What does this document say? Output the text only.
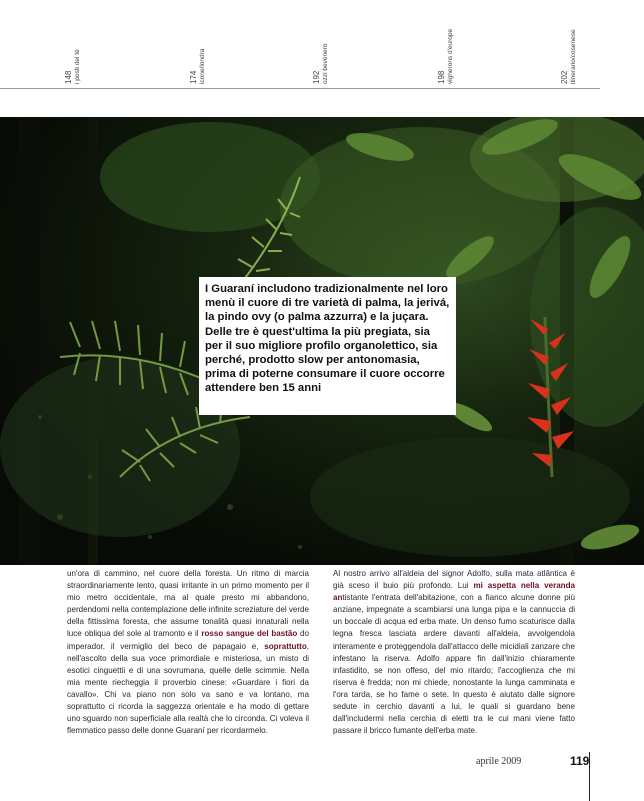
148 i posti del tè	174 icone/londra	192 ozzi bevenero	198 vignerons d'europe	202 itinerario/cosenese
I Guaraní includono tradizionalmente nel loro menù il cuore di tre varietà di palma, la jerivá, la pindo ovy (o palma azzurra) e la juçara. Delle tre è quest'ultima la più pregiata, sia per il suo migliore profilo organolettico, sia perché, prodotto slow per antonomasia, prima di poterne consumare il cuore occorre attendere ben 15 anni
un'ora di cammino, nel cuore della foresta. Un ritmo di marcia straordinariamente lento, quasi irritante in un primo momento per il mio metro occidentale, ma al quale presto mi abbandono, perdendomi nella contemplazione delle infinite screziature del verde della fittissima foresta, che assume tonalità quasi innaturali nella luce obliqua del sole al tramonto e il rosso sangue del bastão do imperador, il vermiglio del beco de papagaio e, soprattutto, nell'ascolto della sua voce primordiale e misteriosa, un misto di esotici cinguettii e di una sovrumana, quelle delle scimmie. Nella mia mente riecheggia il proverbio cinese: «Guardare i fiori da cavallo». Chi va piano non solo va sano e va lontano, ma soprattutto ci ricorda la saggezza orientale e ha modo di gettare uno sguardo non superficiale alla realtà che lo circonda. Ci voleva il flemmatico passo delle donne Guaraní per ricordarmelo.
Al nostro arrivo all'aldeia del signor Adolfo, sulla mata atlântica è già sceso il buio più profondo. Lui mi aspetta nella veranda antistante l'entrata dell'abitazione, con a fianco alcune donne più anziane, impegnate a scambiarsi una lunga pipa e la cannuccia di un boccale di acqua ed erba mate. Un denso fumo scaturisce dalla legna fresca lasciata ardere davanti all'aldeia, avvolgendola interamente e proteggendola dall'attacco delle micidiali zanzare che infestano la riserva. Adolfo appare fin dall'inizio chiaramente infastidito, se non offeso, del mio ritardo; l'accoglienza che mi riserva è fredda; non mi chiede, nonostante la lunga camminata e l'ora tarda, se ho fame o sete. In questo è aiutato dalle signore sedute in cerchio davanti a lui, le quali si guardano bene dall'includermi nella cerchia di eletti tra le cui mani viene fatto passare il bricco fumante dell'erba mate.
aprile 2009	119
